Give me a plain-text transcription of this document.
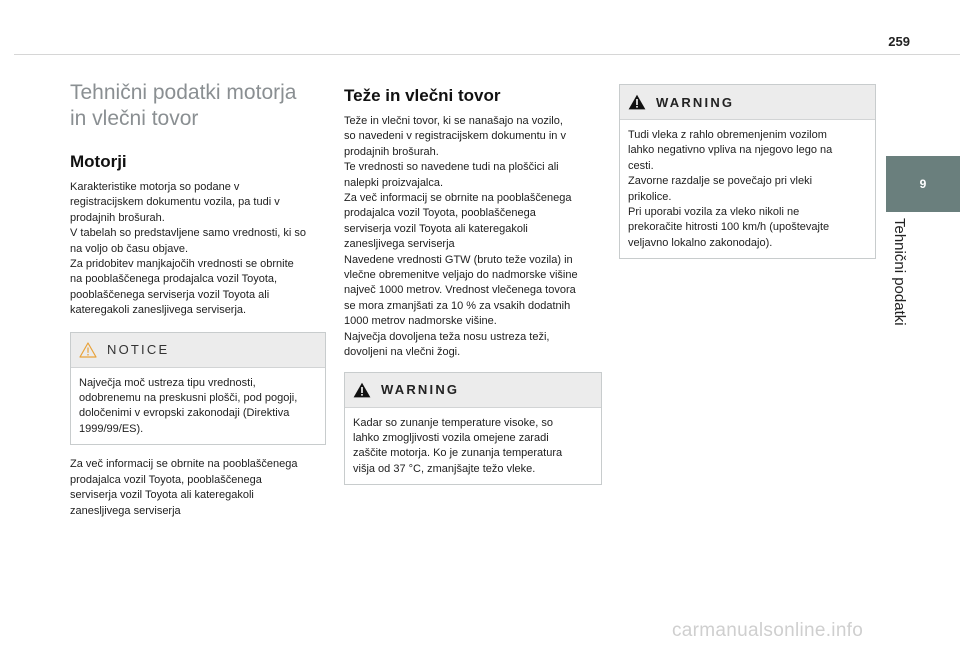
259
9
Tehnični podatki
Tehnični podatki motorja
in vlečni tovor
Motorji

Karakteristike motorja so podane v
registracijskem dokumentu vozila, pa tudi v
prodajnih brošurah.
V tabelah so predstavljene samo vrednosti, ki so
na voljo ob času objave.
Za pridobitev manjkajočih vrednosti se obrnite
na pooblaščenega prodajalca vozil Toyota,
pooblaščenega serviserja vozil Toyota ali
kateregakoli zanesljivega serviserja.

NOTICE

Največja moč ustreza tipu vrednosti,
odobrenemu na preskusni plošči, pod pogoji,
določenimi v evropski zakonodaji (Direktiva
1999/99/ES).

Za več informacij se obrnite na pooblaščenega
prodajalca vozil Toyota, pooblaščenega
serviserja vozil Toyota ali kateregakoli
zanesljivega serviserja

Teže in vlečni tovor

Teže in vlečni tovor, ki se nanašajo na vozilo,
so navedeni v registracijskem dokumentu in v
prodajnih brošurah.
Te vrednosti so navedene tudi na ploščici ali
nalepki proizvajalca.
Za več informacij se obrnite na pooblaščenega
prodajalca vozil Toyota, pooblaščenega
serviserja vozil Toyota ali kateregakoli
zanesljivega serviserja
Navedene vrednosti GTW (bruto teže vozila) in
vlečne obremenitve veljajo do nadmorske višine
največ 1000 metrov. Vrednost vlečenega tovora
se mora zmanjšati za 10 % za vsakih dodatnih
1000 metrov nadmorske višine.
Največja dovoljena teža nosu ustreza teži,
dovoljeni na vlečni žogi.

WARNING

Kadar so zunanje temperature visoke, so
lahko zmogljivosti vozila omejene zaradi
zaščite motorja. Ko je zunanja temperatura
višja od 37 °C, zmanjšajte težo vleke.

WARNING

Tudi vleka z rahlo obremenjenim vozilom
lahko negativno vpliva na njegovo lego na
cesti.
Zavorne razdalje se povečajo pri vleki
prikolice.
Pri uporabi vozila za vleko nikoli ne
prekoračite hitrosti 100 km/h (upoštevajte
veljavno lokalno zakonodajo).

carmanualsonline.info
